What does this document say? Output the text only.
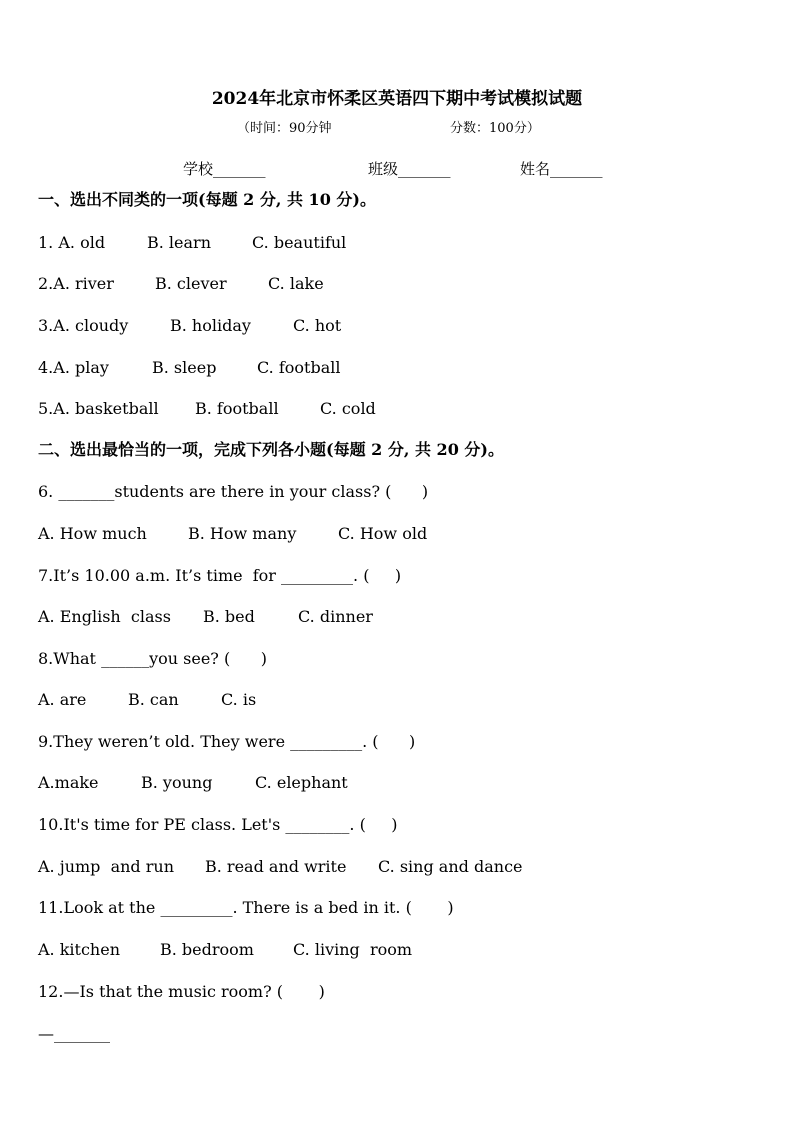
2024年北京市怀柔区英语四下期中考试模拟试题
（时间：90分钟	分数：100分）
学校_______	班级_______	姓名_______
一、选出不同类的一项(每题 2 分, 共 10 分)。
1. A. old	B. learn	C. beautiful
2.A. river	B. clever	C. lake
3.A. cloudy	B. holiday	C. hot
4.A. play	B. sleep	C. football
5.A. basketball B. football	C. cold
二、选出最恰当的一项，完成下列各小题(每题 2 分, 共 20 分)。
6. _______students are there in your class? (      )
A. How much	B. How many	C. How old
7.It’s 10.00 a.m. It’s time  for _________. (     )
A. English  class B. bed	C. dinner
8.What ______you see? (      )
A. are	B. can	C. is
9.They weren’t old. They were _________. (      )
A.make	B. young	C. elephant
10.It's time for PE class. Let's ________. (     )
A. jump  and run B. read and write C. sing and dance
11.Look at the _________. There is a bed in it. (       )
A. kitchen B. bedroom C. living  room
12.—Is that the music room? (       )
—_______
